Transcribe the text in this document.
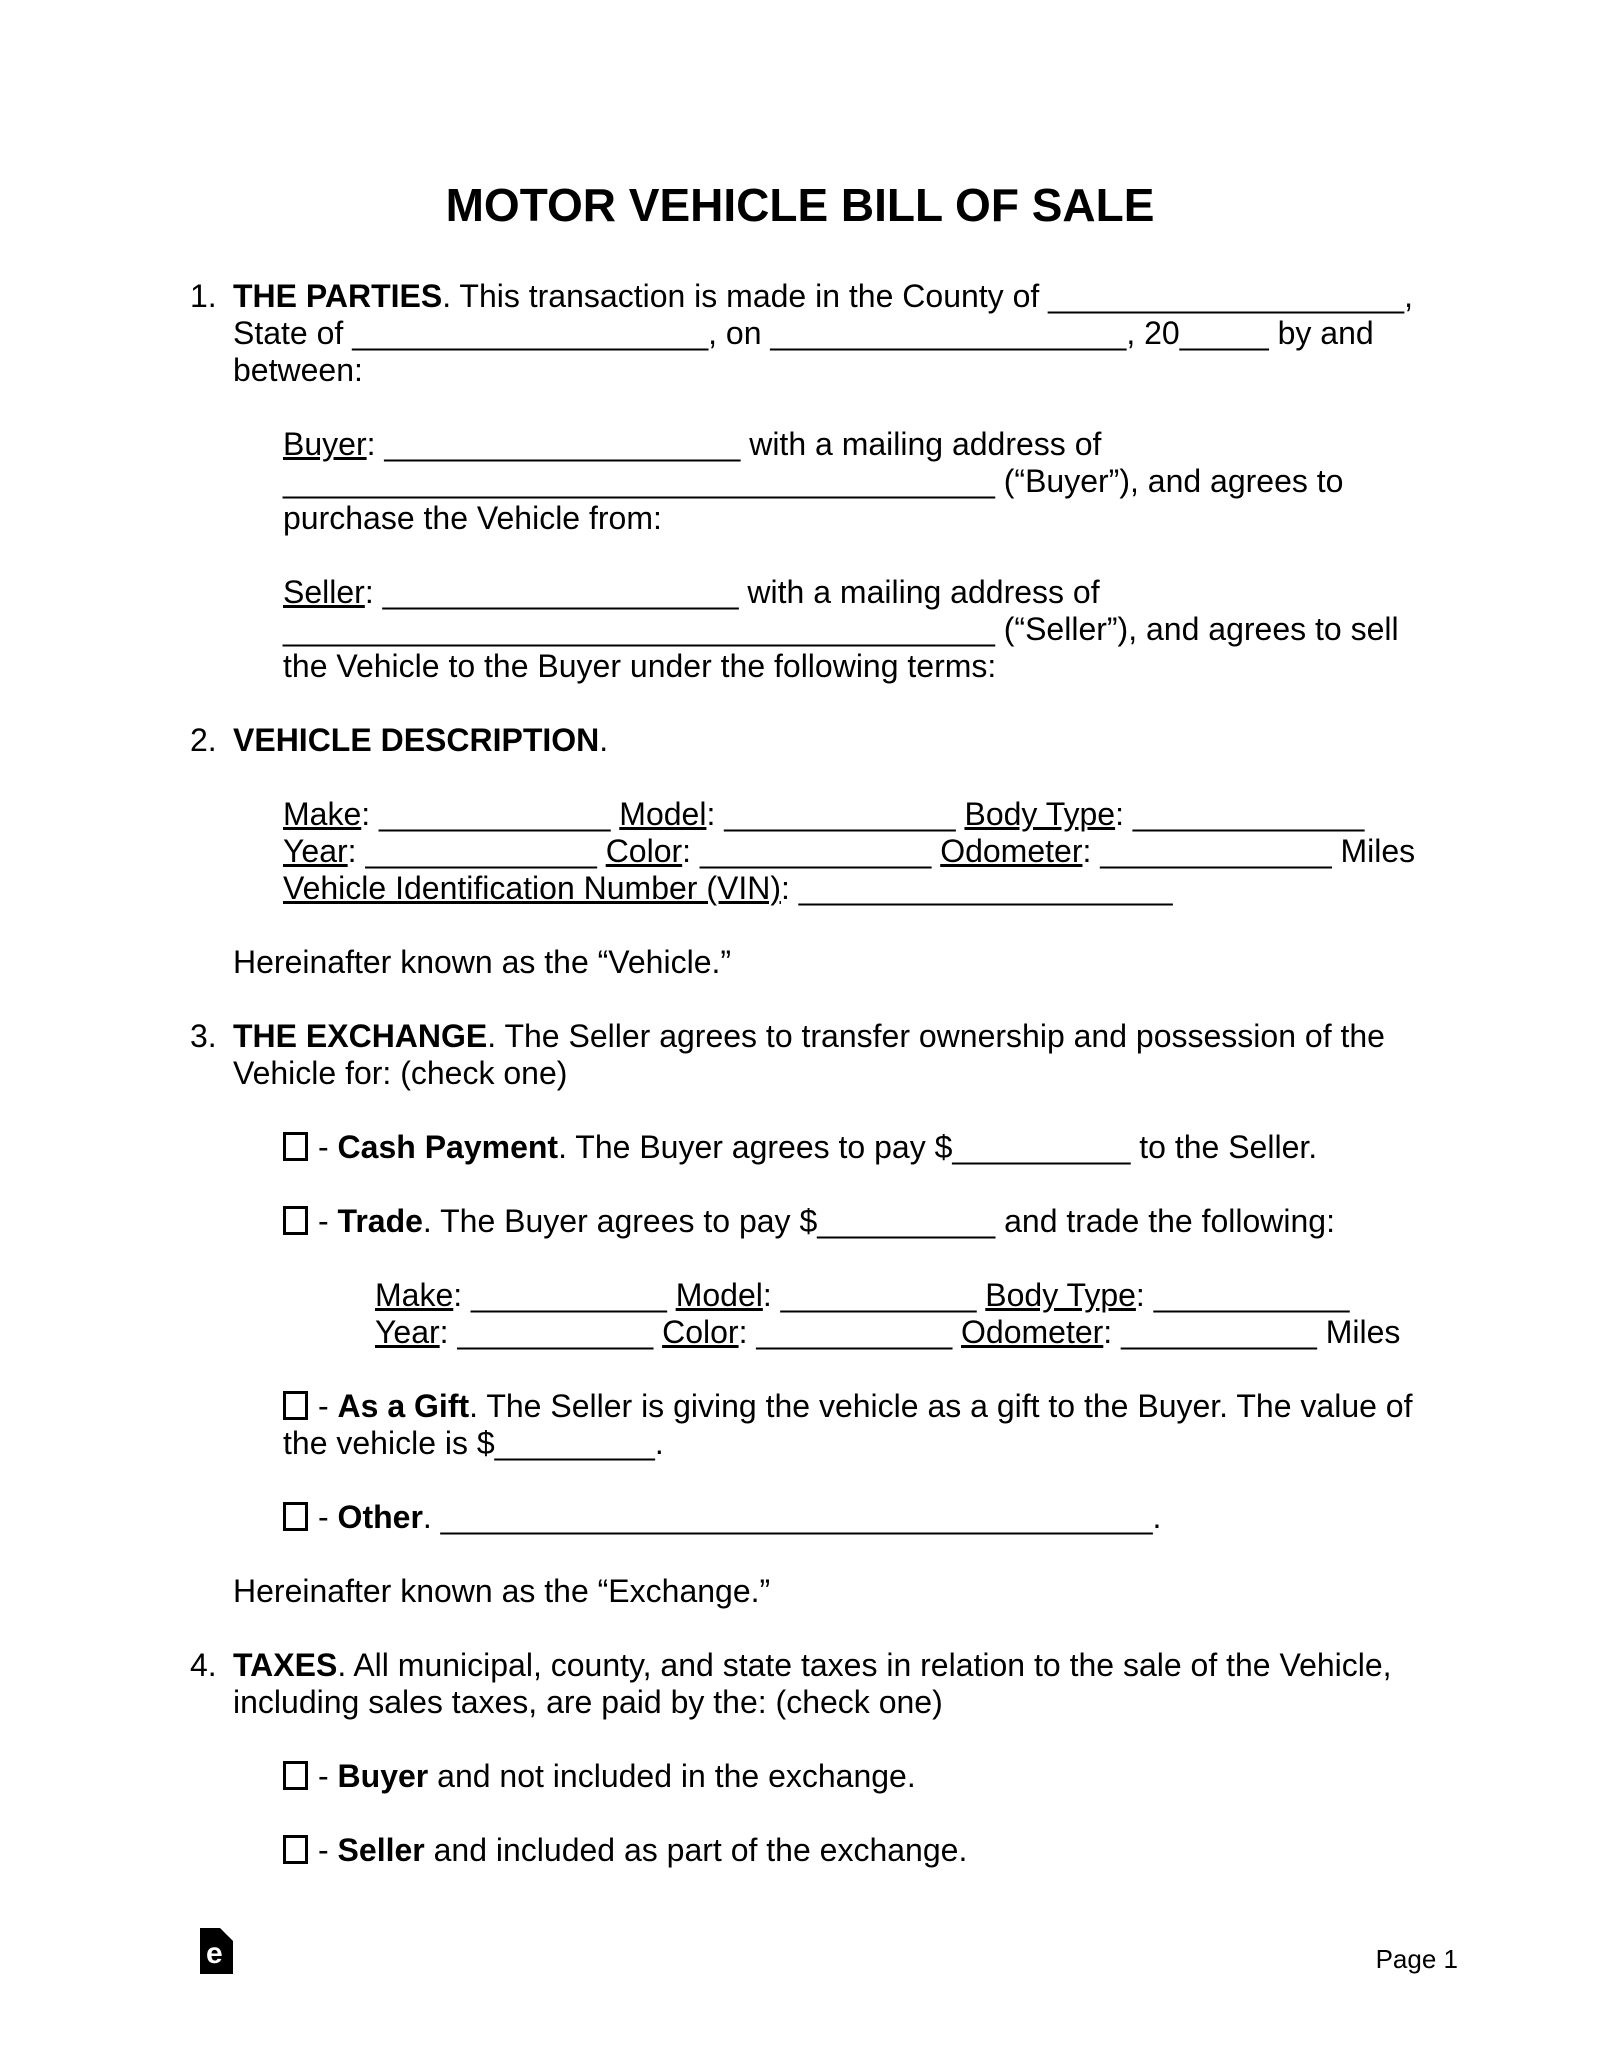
MOTOR VEHICLE BILL OF SALE
1. THE PARTIES. This transaction is made in the County of ____________________,
State of ____________________, on ____________________, 20_____ by and
between:
Buyer: ____________________ with a mailing address of
________________________________________ (“Buyer”), and agrees to
purchase the Vehicle from:
Seller: ____________________ with a mailing address of
________________________________________ (“Seller”), and agrees to sell
the Vehicle to the Buyer under the following terms:
2. VEHICLE DESCRIPTION.
Make: _____________ Model: _____________ Body Type: _____________
Year: _____________ Color: _____________ Odometer: _____________ Miles
Vehicle Identification Number (VIN): _____________________
Hereinafter known as the “Vehicle.”
3. THE EXCHANGE. The Seller agrees to transfer ownership and possession of the
Vehicle for: (check one)
- Cash Payment. The Buyer agrees to pay $__________ to the Seller.
- Trade. The Buyer agrees to pay $__________ and trade the following:
Make: ___________ Model: ___________ Body Type: ___________
Year: ___________ Color: ___________ Odometer: ___________ Miles
- As a Gift. The Seller is giving the vehicle as a gift to the Buyer. The value of
the vehicle is $_________.
- Other. ________________________________________.
Hereinafter known as the “Exchange.”
4. TAXES. All municipal, county, and state taxes in relation to the sale of the Vehicle,
including sales taxes, are paid by the: (check one)
- Buyer and not included in the exchange.
- Seller and included as part of the exchange.
e	Page 1
